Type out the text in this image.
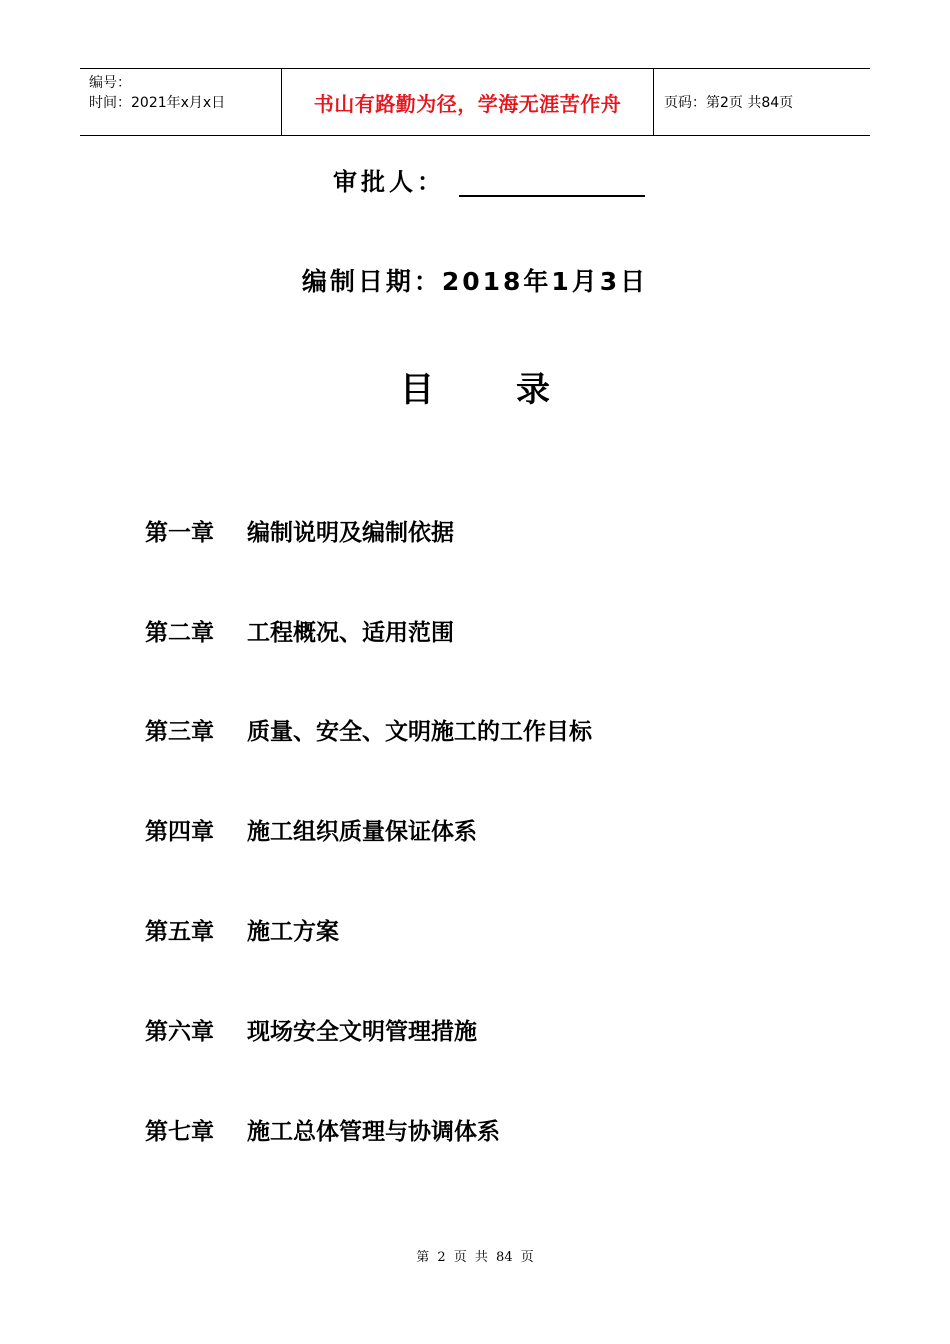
编号：
时间：2021年x月x日	书山有路勤为径，学海无涯苦作舟	页码：第2页 共84页
审批人：
编制日期：2018年1月3日
目录
第一章	编制说明及编制依据
第二章	工程概况、适用范围
第三章	质量、安全、文明施工的工作目标
第四章	施工组织质量保证体系
第五章	施工方案
第六章	现场安全文明管理措施
第七章	施工总体管理与协调体系
第 2 页 共 84 页
